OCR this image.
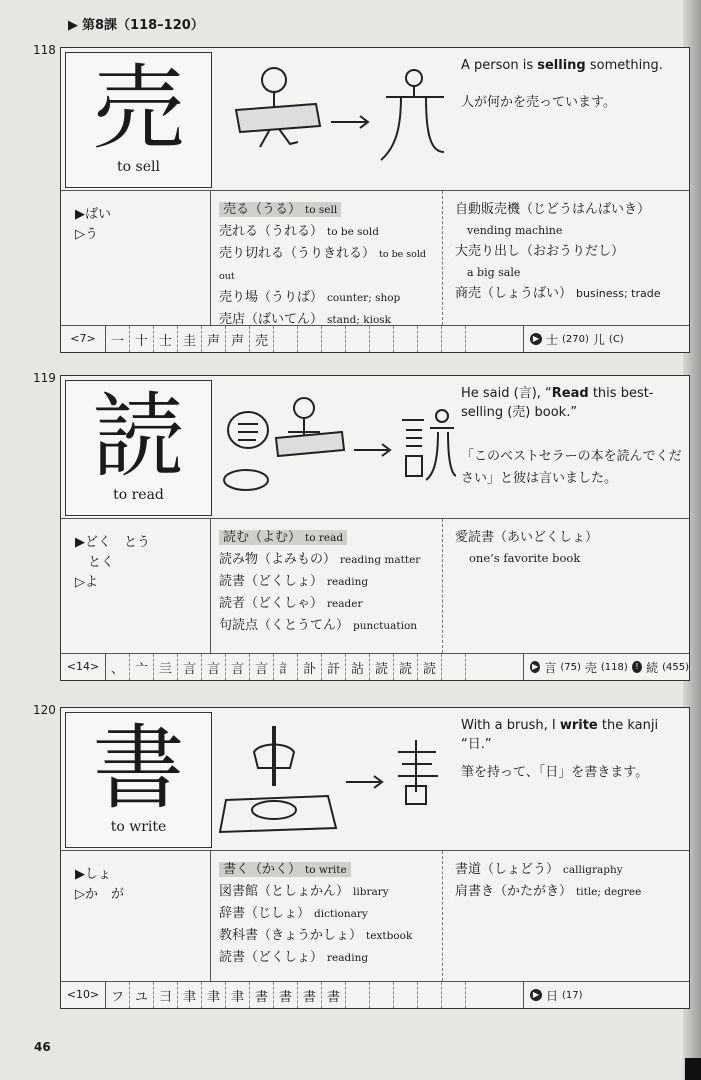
▶ 第8課（118–120）
118
売
to sell
A person is selling something.
人が何かを売っています。
▶ばい
▷う
売る（うる） to sell
売れる（うれる） to be sold
売り切れる（うりきれる） to be sold out
売り場（うりば） counter; shop
売店（ばいてん） stand; kiosk
自動販売機（じどうはんばいき）
vending machine
大売り出し（おおうりだし）
a big sale
商売（しょうばい） business; trade
<7>	一 十 士 圭 声 声 売	▶ 士 (270) 儿 (C)
119
読
to read
He said (言), “Read this best-selling (売) book.”
「このベストセラーの本を読んでください」と彼は言いました。
▶どく　とう
　とく
▷よ
読む（よむ） to read
読み物（よみもの） reading matter
読書（どくしょ） reading
読者（どくしゃ） reader
句読点（くとうてん） punctuation
愛読書（あいどくしょ）
one’s favorite book
<14> 、 亠 亖 言 言 言 言 訁 訃 訐 詁 読 読 読	▶ 言 (75) 売 (118) ! 続 (455)
120
書
to write
With a brush, I write the kanji “日.”
筆を持って、「日」を書きます。
▶しょ
▷か　が
書く（かく） to write
図書館（としょかん） library
辞書（じしょ） dictionary
教科書（きょうかしょ） textbook
読書（どくしょ） reading
書道（しょどう） calligraphy
肩書き（かたがき） title; degree
<10> フ ユ 彐 聿 聿 聿 書 書 書 書	▶ 日 (17)
46
